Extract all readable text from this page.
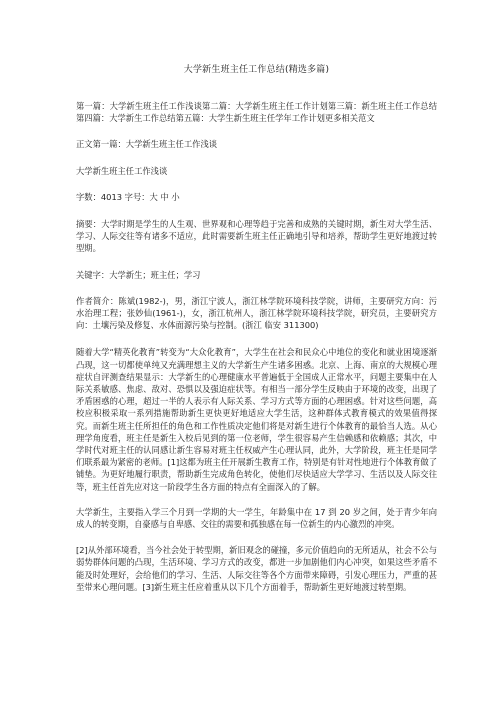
大学新生班主任工作总结(精选多篇)

第一篇：大学新生班主任工作浅谈第二篇：大学新生班主任工作计划第三篇：新生班主任工作总结第四篇：大学新生工作总结第五篇：大学生新生班主任学年工作计划更多相关范文

正文第一篇：大学新生班主任工作浅谈

大学新生班主任工作浅谈

字数：4013 字号：大 中 小

摘要：大学时期是学生的人生观、世界观和心理等趋于完善和成熟的关键时期，新生对大学生活、学习、人际交往等有诸多不适应，此时需要新生班主任正确地引导和培养，帮助学生更好地渡过转型期。

关键字：大学新生；班主任；学习

作者简介：陈斌(1982-)，男，浙江宁波人，浙江林学院环境科技学院，讲师，主要研究方向：污水治理工程；张妙仙(1961-)，女，浙江杭州人，浙江林学院环境科技学院，研究员，主要研究方向：土壤污染及修复、水体面源污染与控制。(浙江 临安 311300)

随着大学“精英化教育”转变为“大众化教育”，大学生在社会和民众心中地位的变化和就业困境逐渐凸现，这一切都使单纯又充满理想主义的大学新生产生诸多困惑。北京、上海、南京的大规模心理症状自评测查结果显示：大学新生的心理健康水平普遍低于全国成人正常水平，问题主要集中在人际关系敏感、焦虑、敌对、恐惧以及强迫症状等。有相当一部分学生反映由于环境的改变，出现了矛盾困惑的心理，超过一半的人表示有人际关系、学习方式等方面的心理困惑。针对这些问题，高校应积极采取一系列措施帮助新生更快更好地适应大学生活，这种群体式教育模式的效果值得探究。而新生班主任所担任的角色和工作性质决定他们将是对新生进行个体教育的最恰当人选。从心理学角度看，班主任是新生入校后见到的第一位老师，学生很容易产生信赖感和依赖感；其次，中学时代对班主任的认同感让新生容易对班主任权威产生心理认同，此外，大学阶段，班主任是同学们联系最为紧密的老师。[1]这都为班主任开展新生教育工作，特别是有针对性地进行个体教育做了铺垫。为更好地履行职责，帮助新生完成角色转化，使他们尽快适应大学学习、生活以及人际交往等，班主任首先应对这一阶段学生各方面的特点有全面深入的了解。

大学新生，主要指入学三个月到一学期的大一学生，年龄集中在 17 到 20 岁之间，处于青少年向成人的转变期，自豪感与自卑感、交往的需要和孤独感在每一位新生的内心激烈的冲突。

[2]从外部环境看，当今社会处于转型期，新旧观念的碰撞，多元价值趋向的无所适从，社会不公与弱势群体问题的凸现，生活环境、学习方式的改变，都进一步加剧他们内心冲突，如果这些矛盾不能及时处理好，会给他们的学习、生活、人际交往等各个方面带来障碍，引发心理压力，严重的甚至带来心理问题。[3]新生班主任应着重从以下几个方面着手，帮助新生更好地渡过转型期。
